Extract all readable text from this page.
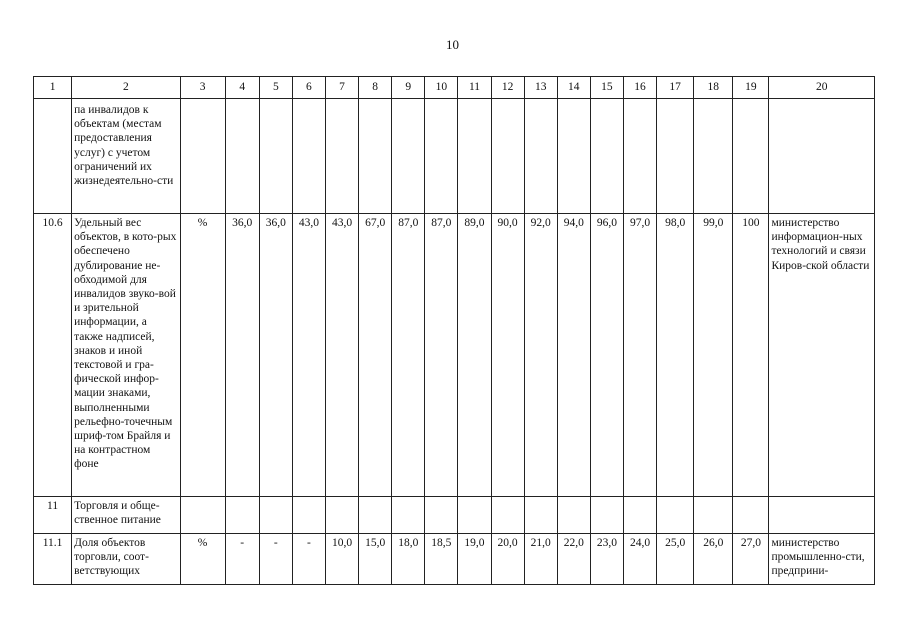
10
1	2	3	4	5	6	7	8	9	10	11	12	13	14	15	16	17	18	19	20
	па инвалидов к объектам (местам предоставления услуг) с учетом ограничений их жизнедеятельно-сти																		
10.6	Удельный вес объектов, в кото-рых обеспечено дублирование не-обходимой для инвалидов звуко-вой и зрительной информации, а также надписей, знаков и иной текстовой и гра-фической инфор-мации знаками, выполненными рельефно-точечным шриф-том Брайля и на контрастном фоне	%	36,0	36,0	43,0	43,0	67,0	87,0	87,0	89,0	90,0	92,0	94,0	96,0	97,0	98,0	99,0	100	министерство информацион-ных технологий и связи Киров-ской области
11	Торговля и обще-ственное питание																		
11.1	Доля объектов торговли, соот-ветствующих	%	-	-	-	10,0	15,0	18,0	18,5	19,0	20,0	21,0	22,0	23,0	24,0	25,0	26,0	27,0	министерство промышленно-сти, предприни-
